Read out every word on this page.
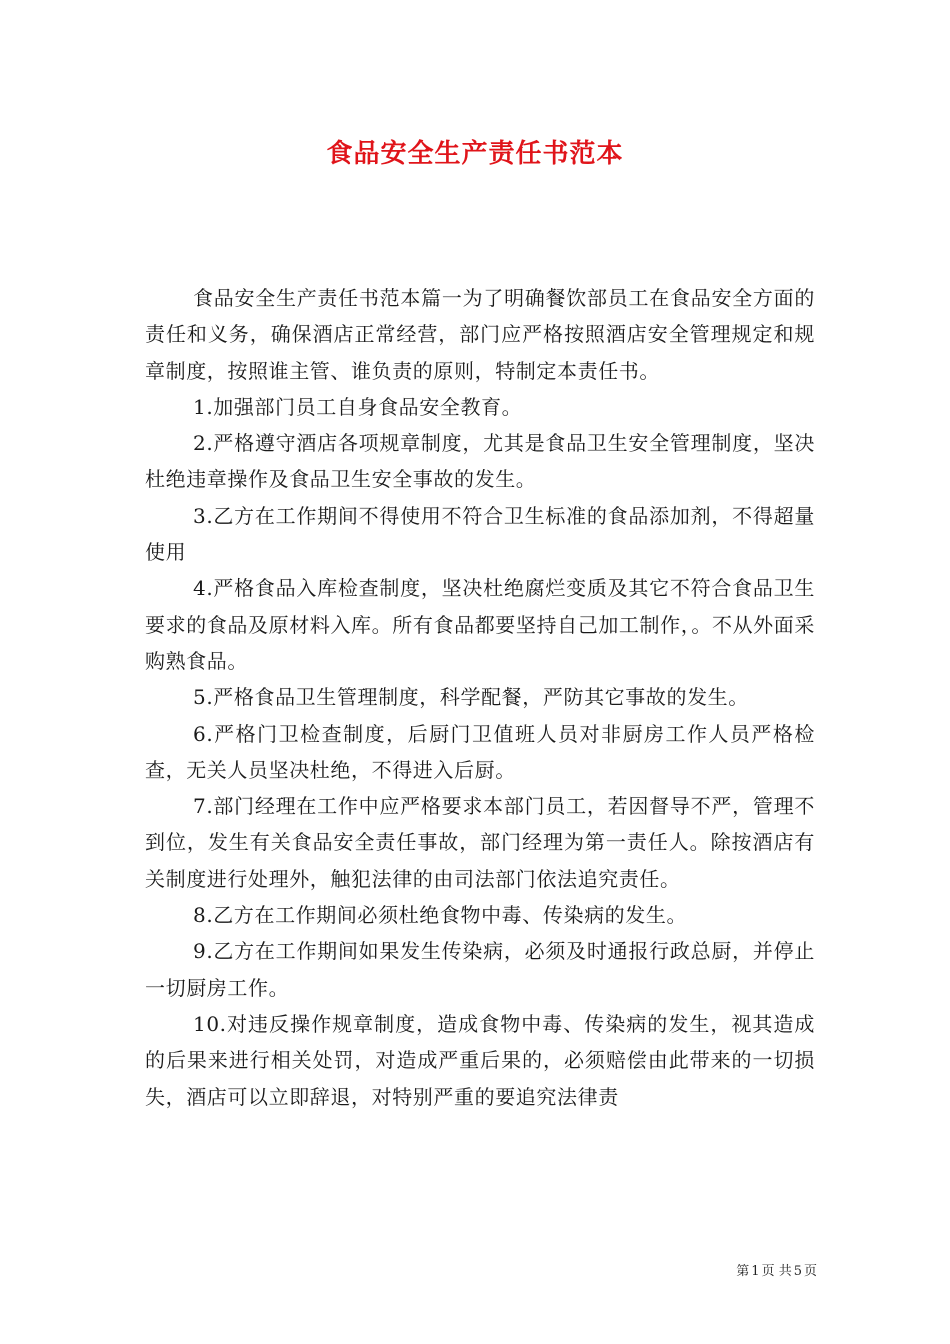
食品安全生产责任书范本

食品安全生产责任书范本篇一为了明确餐饮部员工在食品安全方面的责任和义务，确保酒店正常经营，部门应严格按照酒店安全管理规定和规章制度，按照谁主管、谁负责的原则，特制定本责任书。

1.加强部门员工自身食品安全教育。

2.严格遵守酒店各项规章制度，尤其是食品卫生安全管理制度，坚决杜绝违章操作及食品卫生安全事故的发生。

3.乙方在工作期间不得使用不符合卫生标准的食品添加剂，不得超量使用

4.严格食品入库检查制度，坚决杜绝腐烂变质及其它不符合食品卫生要求的食品及原材料入库。所有食品都要坚持自己加工制作，。不从外面采购熟食品。

5.严格食品卫生管理制度，科学配餐，严防其它事故的发生。

6.严格门卫检查制度，后厨门卫值班人员对非厨房工作人员严格检查，无关人员坚决杜绝，不得进入后厨。

7.部门经理在工作中应严格要求本部门员工，若因督导不严，管理不到位，发生有关食品安全责任事故，部门经理为第一责任人。除按酒店有关制度进行处理外，触犯法律的由司法部门依法追究责任。

8.乙方在工作期间必须杜绝食物中毒、传染病的发生。

9.乙方在工作期间如果发生传染病，必须及时通报行政总厨，并停止一切厨房工作。

10.对违反操作规章制度，造成食物中毒、传染病的发生，视其造成的后果来进行相关处罚，对造成严重后果的，必须赔偿由此带来的一切损失，酒店可以立即辞退，对特别严重的要追究法律责

第 1 页 共 5 页
